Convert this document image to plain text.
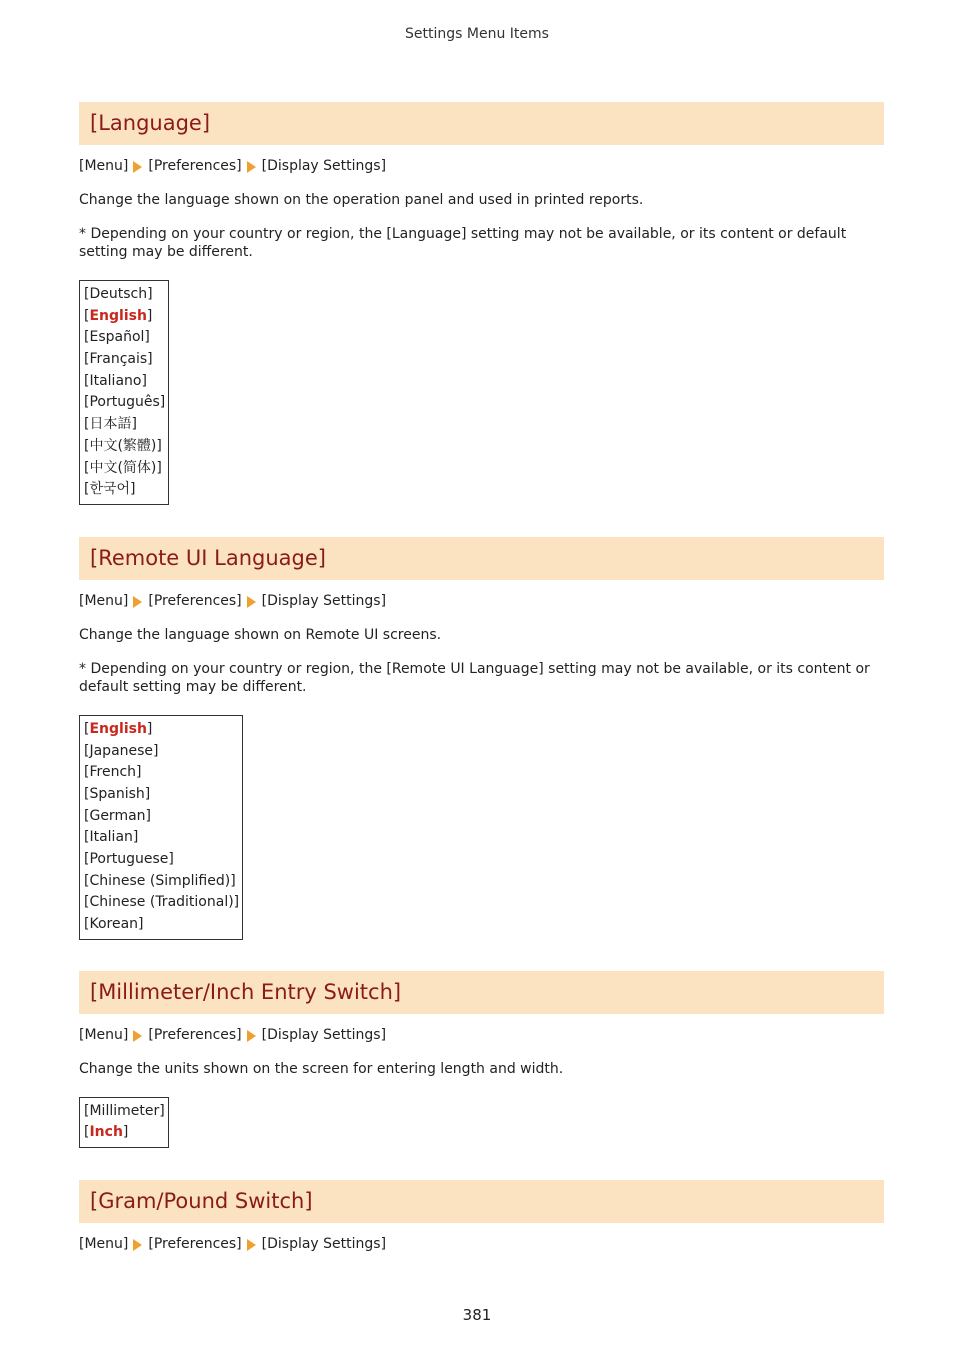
Settings Menu Items
[Language]
[Menu] [Preferences] [Display Settings]
Change the language shown on the operation panel and used in printed reports.
* Depending on your country or region, the [Language] setting may not be available, or its content or default setting may be different.
[Deutsch]
[English]
[Español]
[Français]
[Italiano]
[Português]
[日本語]
[中文(繁體)]
[中文(简体)]
[한국어]
[Remote UI Language]
[Menu] [Preferences] [Display Settings]
Change the language shown on Remote UI screens.
* Depending on your country or region, the [Remote UI Language] setting may not be available, or its content or default setting may be different.
[English]
[Japanese]
[French]
[Spanish]
[German]
[Italian]
[Portuguese]
[Chinese (Simplified)]
[Chinese (Traditional)]
[Korean]
[Millimeter/Inch Entry Switch]
[Menu] [Preferences] [Display Settings]
Change the units shown on the screen for entering length and width.
[Millimeter]
[Inch]
[Gram/Pound Switch]
[Menu] [Preferences] [Display Settings]
381
